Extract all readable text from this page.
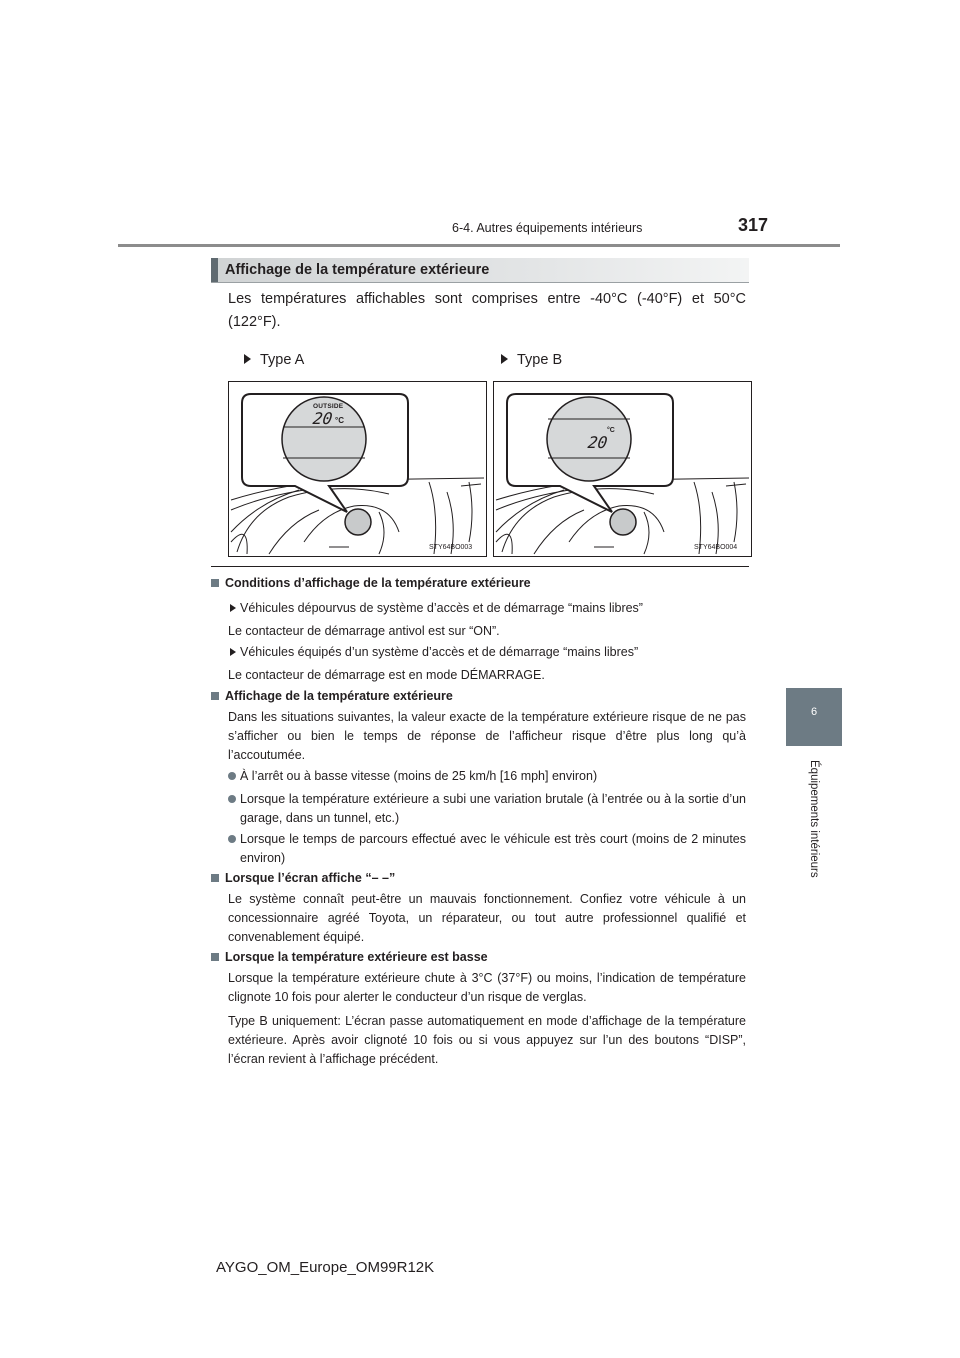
6-4. Autres équipements intérieurs	317
6
Équipements intérieurs
Affichage de la température extérieure
Les températures affichables sont comprises entre -40°C (-40°F) et 50°C (122°F).
Type A	Type B
OUTSIDE
20 °C
STY64BO003
20
°C
STY64BO004
Conditions d’affichage de la température extérieure
Véhicules dépourvus de système d’accès et de démarrage “mains libres”
Le contacteur de démarrage antivol est sur “ON”.
Véhicules équipés d’un système d’accès et de démarrage “mains libres”
Le contacteur de démarrage est en mode DÉMARRAGE.
Affichage de la température extérieure
Dans les situations suivantes, la valeur exacte de la température extérieure risque de ne pas s’afficher ou bien le temps de réponse de l’afficheur risque d’être plus long qu’à l’accoutumée.
À l’arrêt ou à basse vitesse (moins de 25 km/h [16 mph] environ)
Lorsque la température extérieure a subi une variation brutale (à l’entrée ou à la sortie d’un garage, dans un tunnel, etc.)
Lorsque le temps de parcours effectué avec le véhicule est très court (moins de 2 minutes environ)
Lorsque l’écran affiche “– –”
Le système connaît peut-être un mauvais fonctionnement. Confiez votre véhicule à un concessionnaire agréé Toyota, un réparateur, ou tout autre professionnel qualifié et convenablement équipé.
Lorsque la température extérieure est basse
Lorsque la température extérieure chute à 3°C (37°F) ou moins, l’indication de température clignote 10 fois pour alerter le conducteur d’un risque de verglas.
Type B uniquement: L’écran passe automatiquement en mode d’affichage de la température extérieure. Après avoir clignoté 10 fois ou si vous appuyez sur l’un des boutons “DISP”, l’écran revient à l’affichage précédent.
AYGO_OM_Europe_OM99R12K
